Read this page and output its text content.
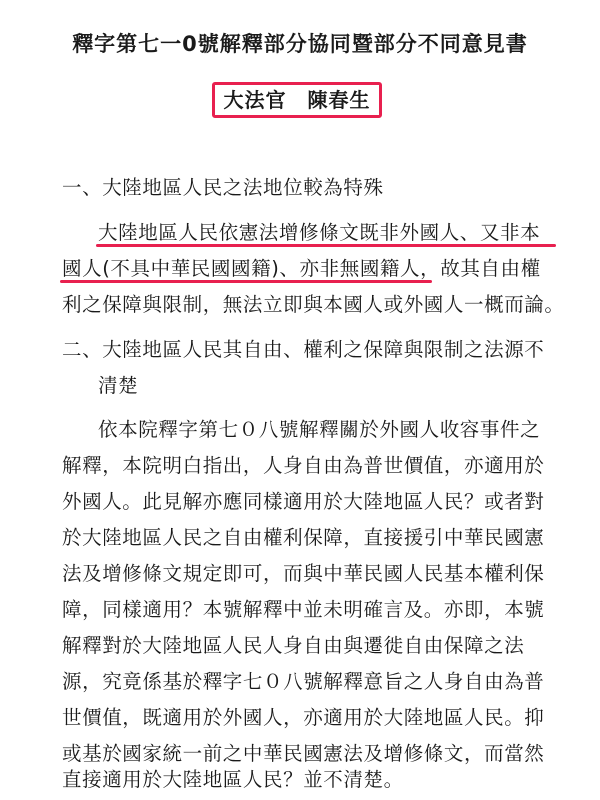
釋字第七一0號解釋部分協同暨部分不同意見書
大法官　陳春生
一、大陸地區人民之法地位較為特殊
大陸地區人民依憲法增修條文既非外國人、又非本
國人(不具中華民國國籍)、亦非無國籍人，故其自由權
利之保障與限制，無法立即與本國人或外國人一概而論。
二、大陸地區人民其自由、權利之保障與限制之法源不
清楚
依本院釋字第七０八號解釋關於外國人收容事件之
解釋，本院明白指出，人身自由為普世價值，亦適用於
外國人。此見解亦應同樣適用於大陸地區人民？或者對
於大陸地區人民之自由權利保障，直接援引中華民國憲
法及增修條文規定即可，而與中華民國人民基本權利保
障，同樣適用？本號解釋中並未明確言及。亦即，本號
解釋對於大陸地區人民人身自由與遷徙自由保障之法
源，究竟係基於釋字七０八號解釋意旨之人身自由為普
世價值，既適用於外國人，亦適用於大陸地區人民。抑
或基於國家統一前之中華民國憲法及增修條文，而當然
直接適用於大陸地區人民？並不清楚。
